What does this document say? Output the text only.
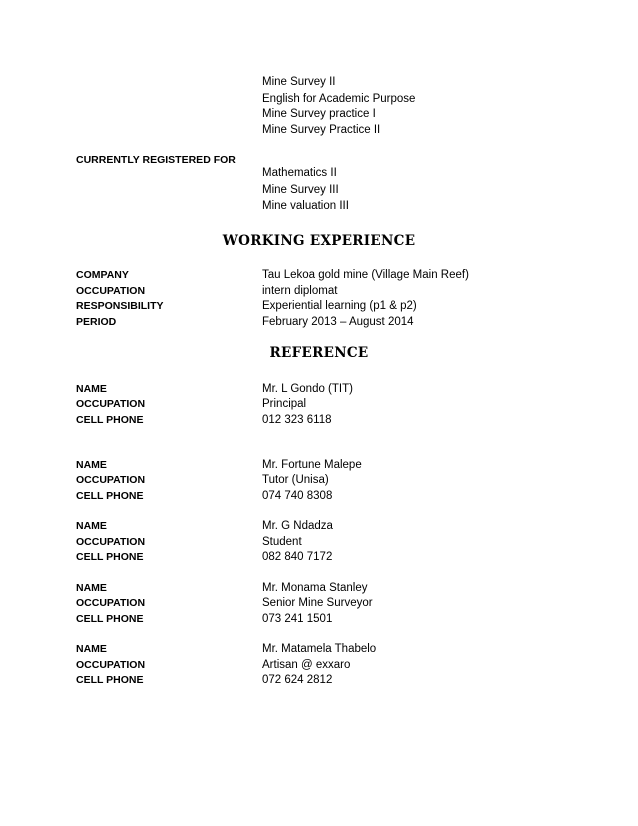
Mine Survey II
English for Academic Purpose
Mine Survey practice I
Mine Survey Practice II
CURRENTLY REGISTERED FOR
Mathematics II
Mine Survey III
Mine valuation III
WORKING EXPERIENCE
COMPANY	Tau Lekoa gold mine (Village Main Reef)
OCCUPATION	intern diplomat
RESPONSIBILITY	Experiential learning (p1 & p2)
PERIOD	February 2013 – August 2014
REFERENCE
NAME	Mr. L Gondo (TIT)
OCCUPATION	Principal
CELL PHONE	012 323 6118
NAME	Mr. Fortune Malepe
OCCUPATION	Tutor (Unisa)
CELL PHONE	074 740 8308
NAME	Mr. G Ndadza
OCCUPATION	Student
CELL PHONE	082 840 7172
NAME	Mr. Monama Stanley
OCCUPATION	Senior Mine Surveyor
CELL PHONE	073 241 1501
NAME	Mr. Matamela Thabelo
OCCUPATION	Artisan @ exxaro
CELL PHONE	072 624 2812
